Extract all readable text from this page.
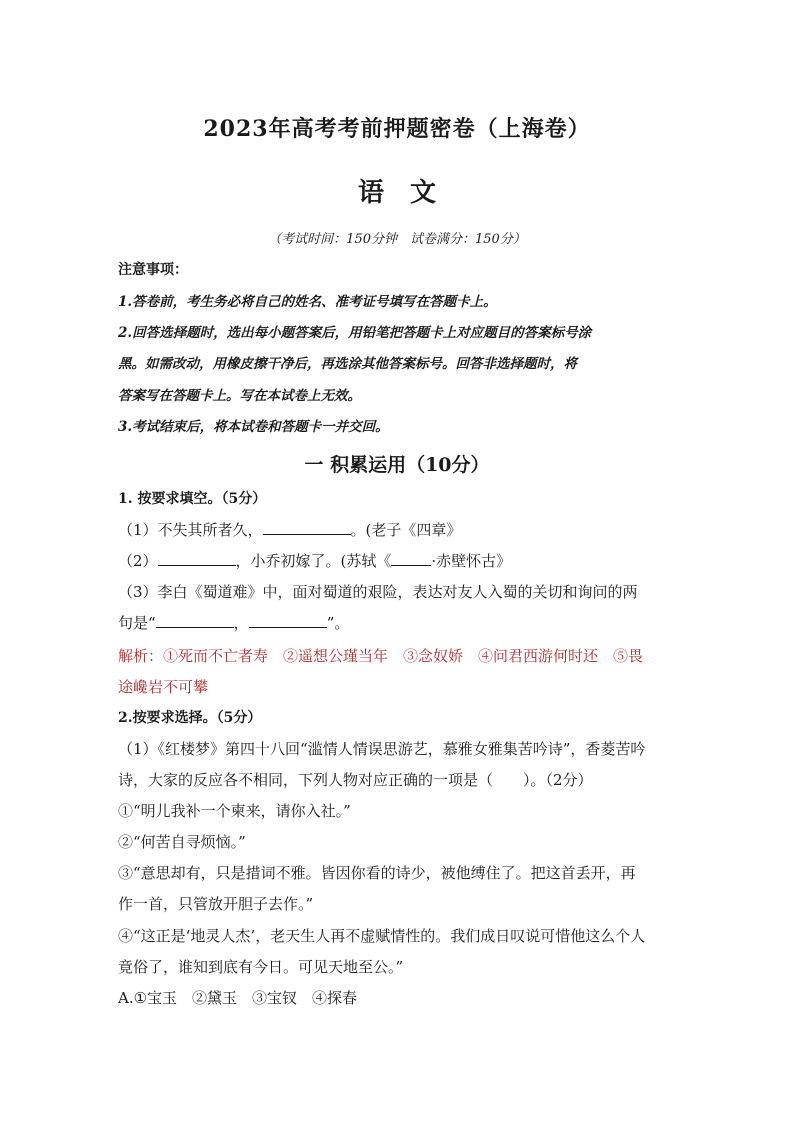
2023年高考考前押题密卷（上海卷）
语　文
（考试时间：150分钟　试卷满分：150分）
注意事项：
1.答卷前，考生务必将自己的姓名、准考证号填写在答题卡上。
2.回答选择题时，选出每小题答案后，用铅笔把答题卡上对应题目的答案标号涂
黑。如需改动，用橡皮擦干净后，再选涂其他答案标号。回答非选择题时，将
答案写在答题卡上。写在本试卷上无效。
3.考试结束后，将本试卷和答题卡一并交回。
一 积累运用（10分）
1. 按要求填空。（5分）
（1）不失其所者久，	。(老子《四章》
（2）	，小乔初嫁了。(苏轼《	·赤壁怀古》
（3）李白《蜀道难》中，面对蜀道的艰险，表达对友人入蜀的关切和询问的两
句是“	，	”。
解析：①死而不亡者寿　②遥想公瑾当年　③念奴娇　④问君西游何时还　⑤畏
途巉岩不可攀
2.按要求选择。（5分）
（1）《红楼梦》第四十八回“滥情人情误思游艺，慕雅女雅集苦吟诗”，香菱苦吟
诗，大家的反应各不相同，下列人物对应正确的一项是（　　）。（2分）
①“明儿我补一个柬来，请你入社。”
②“何苦自寻烦恼。”
③“意思却有，只是措词不雅。皆因你看的诗少，被他缚住了。把这首丢开，再
作一首，只管放开胆子去作。”
④“这正是‘地灵人杰’，老天生人再不虚赋情性的。我们成日叹说可惜他这么个人
竟俗了，谁知到底有今日。可见天地至公。”
A.①宝玉　②黛玉　③宝钗　④探春
